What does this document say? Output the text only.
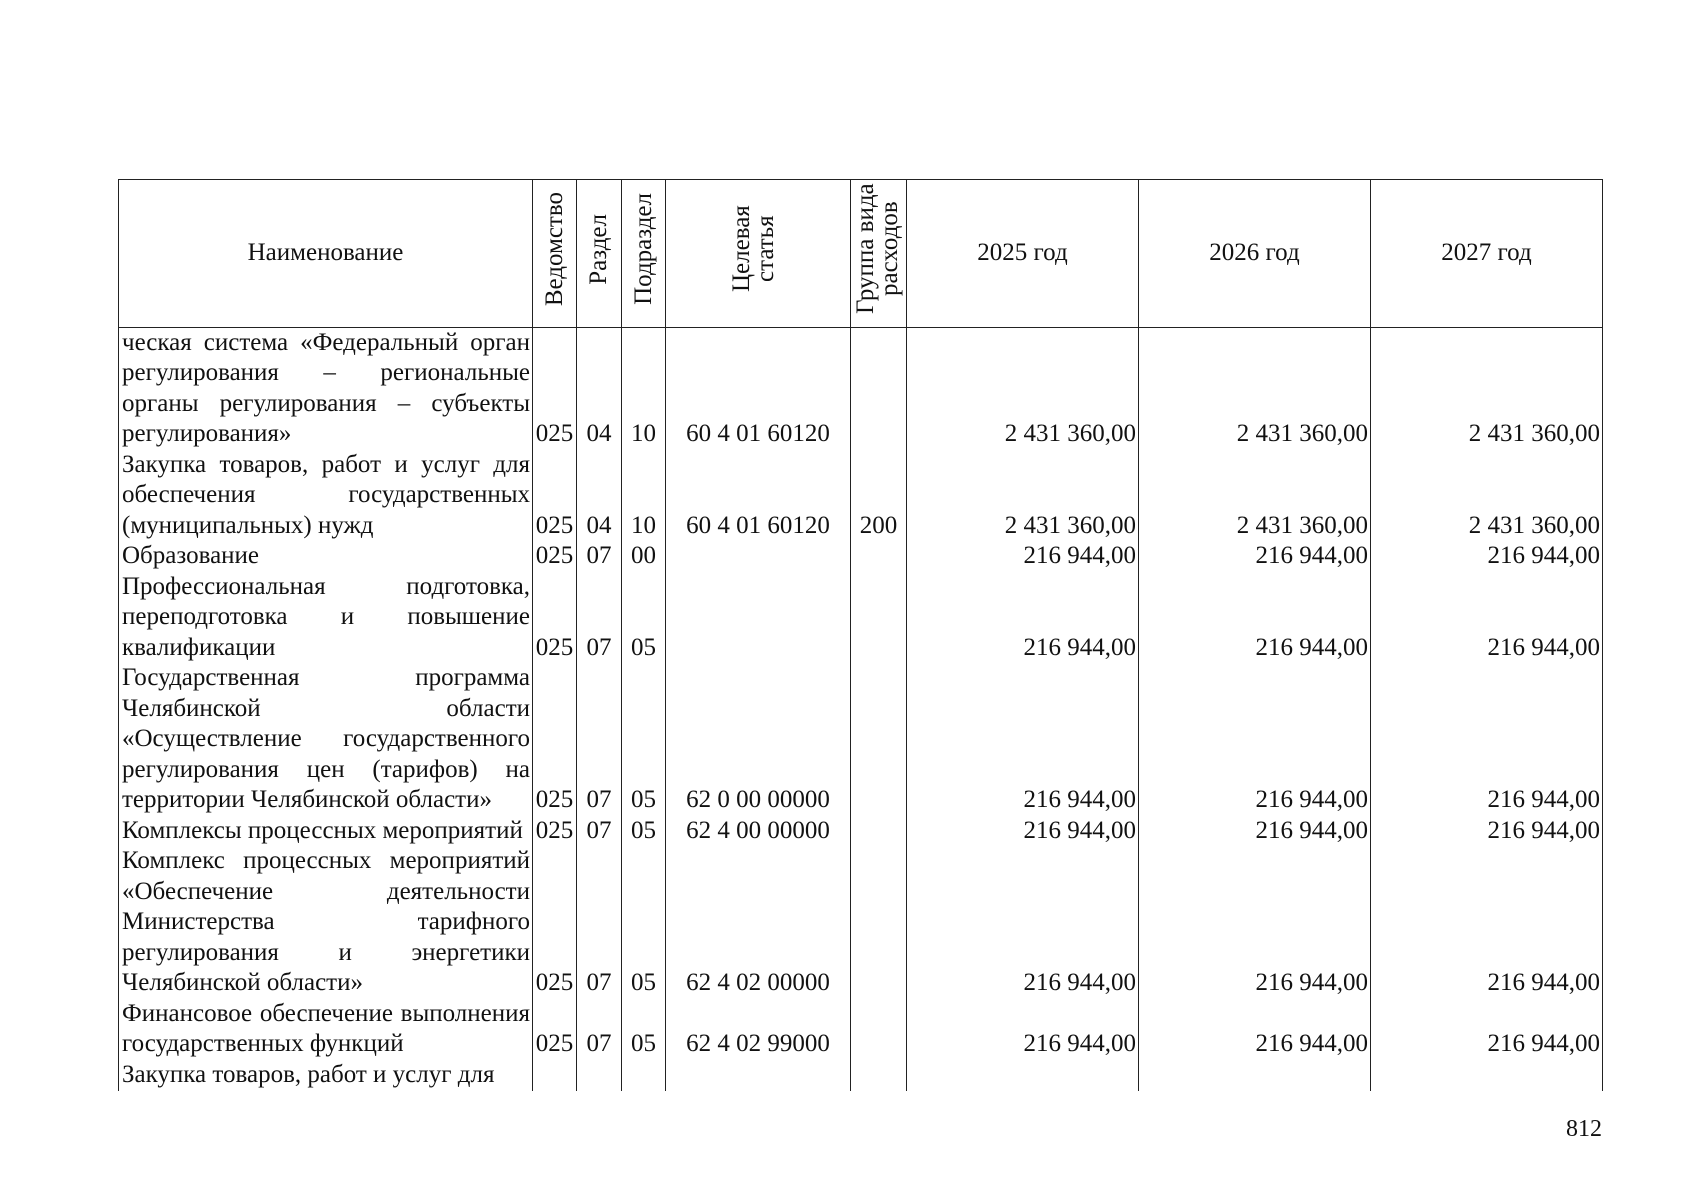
Наименование	Ведомство	Раздел	Подраздел	Целевая статья	Группа вида расходов	2025 год	2026 год	2027 год
ческая система «Федеральный орган регулирования – региональные органы регулирования – субъекты регулирования»	025	04	10	60 4 01 60120		2 431 360,00	2 431 360,00	2 431 360,00
Закупка товаров, работ и услуг для обеспечения государственных (муниципальных) нужд	025	04	10	60 4 01 60120	200	2 431 360,00	2 431 360,00	2 431 360,00
Образование	025	07	00			216 944,00	216 944,00	216 944,00
Профессиональная подготовка, переподготовка и повышение квалификации	025	07	05			216 944,00	216 944,00	216 944,00
Государственная программа Челябинской области «Осуществление государственного регулирования цен (тарифов) на территории Челябинской области»	025	07	05	62 0 00 00000		216 944,00	216 944,00	216 944,00
Комплексы процессных мероприятий	025	07	05	62 4 00 00000		216 944,00	216 944,00	216 944,00
Комплекс процессных мероприятий «Обеспечение деятельности Министерства тарифного регулирования и энергетики Челябинской области»	025	07	05	62 4 02 00000		216 944,00	216 944,00	216 944,00
Финансовое обеспечение выполнения государственных функций	025	07	05	62 4 02 99000		216 944,00	216 944,00	216 944,00
Закупка товаров, работ и услуг для								
812
